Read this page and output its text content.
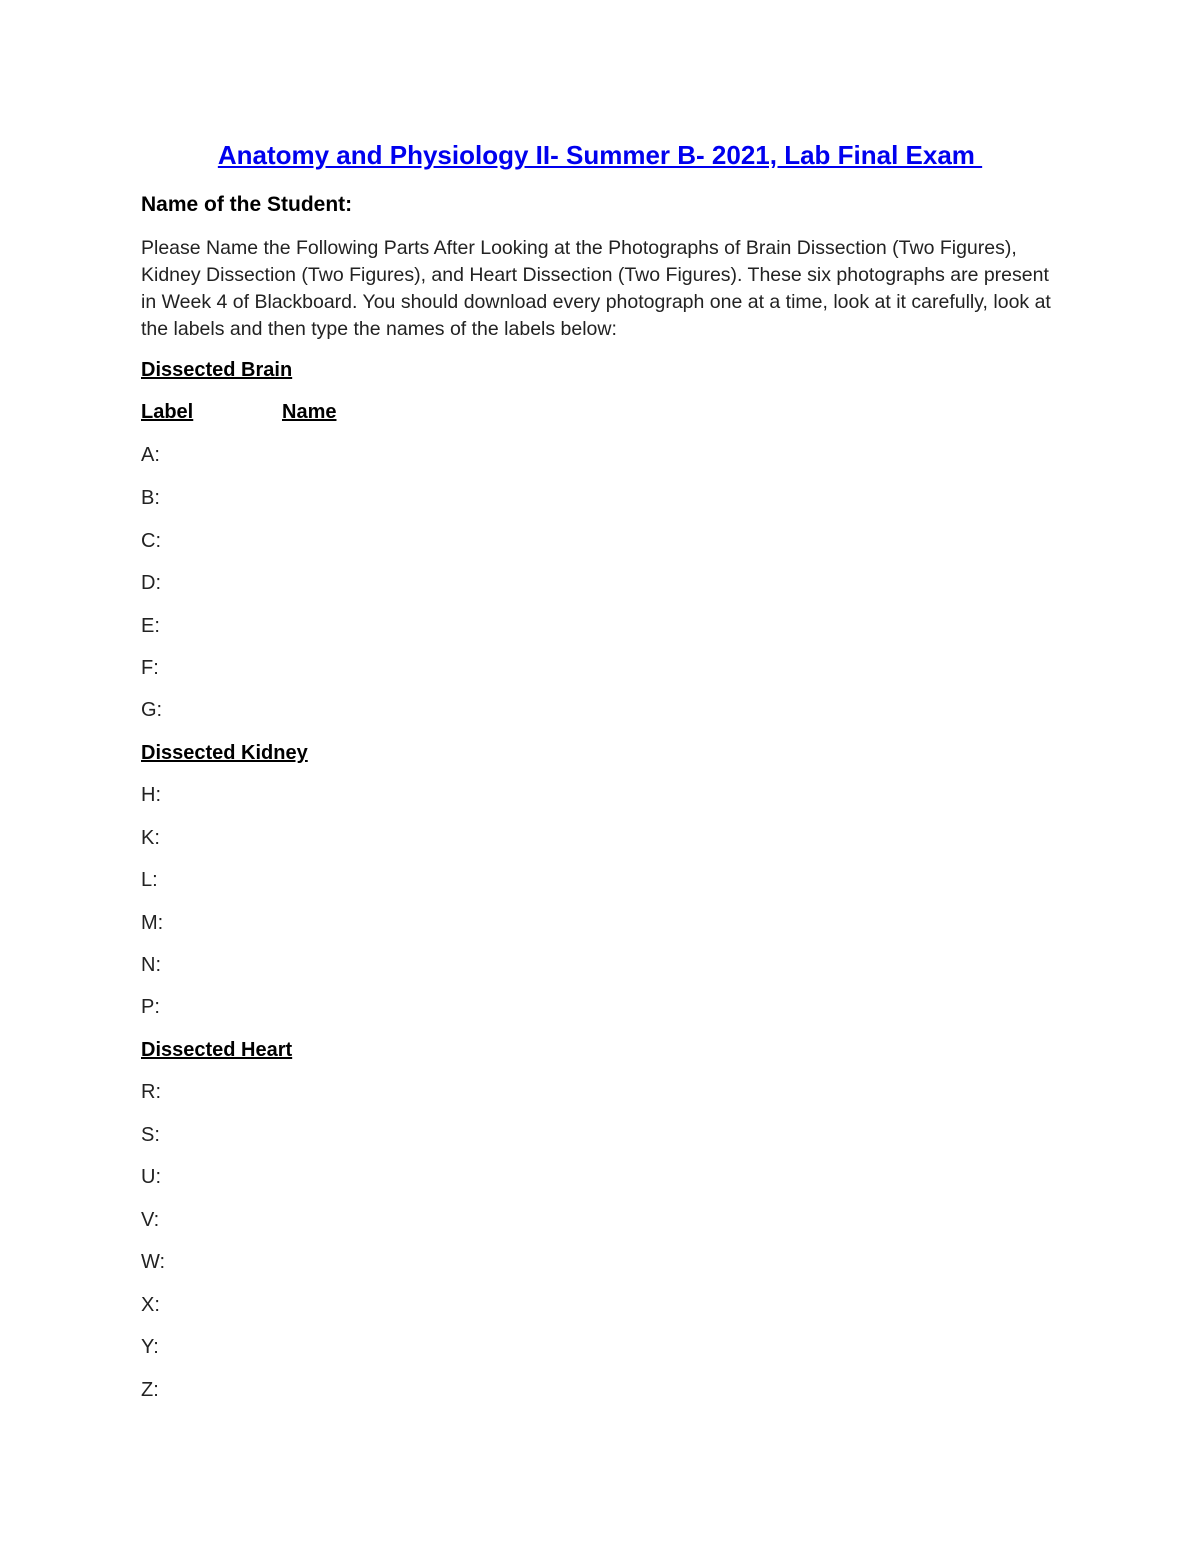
Anatomy and Physiology II- Summer B- 2021, Lab Final Exam
Name of the Student:
Please Name the Following Parts After Looking at the Photographs of Brain Dissection (Two Figures), Kidney Dissection (Two Figures), and Heart Dissection (Two Figures). These six photographs are present in Week 4 of Blackboard. You should download every photograph one at a time, look at it carefully, look at the labels and then type the names of the labels below:
Dissected Brain
Label	Name
A:
B:
C:
D:
E:
F:
G:
Dissected Kidney
H:
K:
L:
M:
N:
P:
Dissected Heart
R:
S:
U:
V:
W:
X:
Y:
Z:
